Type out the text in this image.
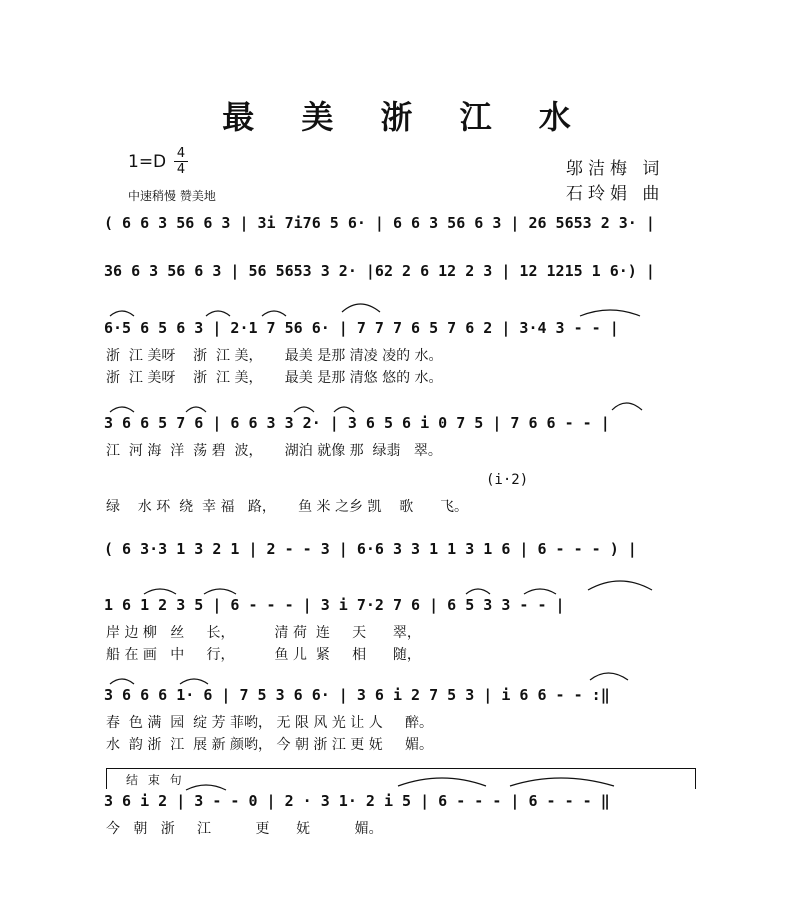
最 美 浙 江 水
1=D 4
4
中速稍慢 赞美地
邬洁梅 词
石玲娟 曲
( 6 6 3 56 6 3 | 3i 7i76 5 6· | 6 6 3 56 6 3 | 26 5653 2 3· |
36 6 3 56 6 3 | 56 5653 3 2· |62 2 6 12 2 3 | 12 1215 1 6·) |
6·5 6 5 6 3 | 2·1 7 56 6· | 7 7 7 6 5 7 6 2 | 3·4 3 - - |
浙  江 美呀    浙  江 美，     最美 是那 清凌 凌的 水。
浙  江 美呀    浙  江 美，     最美 是那 清悠 悠的 水。
3 6 6 5 7 6 | 6 6 3 3 2· | 3 6 5 6 i 0 7 5 | 7 6 6 - - |
江  河 海  洋  荡 碧  波，     湖泊 就像 那  绿翡   翠。
(i·2)
绿    水 环  绕  幸 福   路，     鱼 米 之乡 凯    歌      飞。
( 6 3·3 1 3 2 1 | 2 - - 3 | 6·6 3 3 1 1 3 1 6 | 6 - - - ) |
1 6 1 2 3 5 | 6 - - - | 3 i 7·2 7 6 | 6 5 3 3 - - |
岸 边 柳   丝     长，         清 荷  连     天      翠，
船 在 画   中     行，         鱼 儿  紧     相      随，
3 6 6 6 1· 6 | 7 5 3 6 6· | 3 6 i 2 7 5 3 | i 6 6 - - :‖
春  色 满  园  绽 芳 菲哟， 无 限 风 光 让 人     醉。
水  韵 浙  江  展 新 颜哟， 今 朝 浙 江 更 妩     媚。
结 束 句
3 6 i 2 | 3 - - 0 | 2 · 3 1· 2 i 5 | 6 - - - | 6 - - - ‖
今   朝   浙     江          更      妩          媚。
